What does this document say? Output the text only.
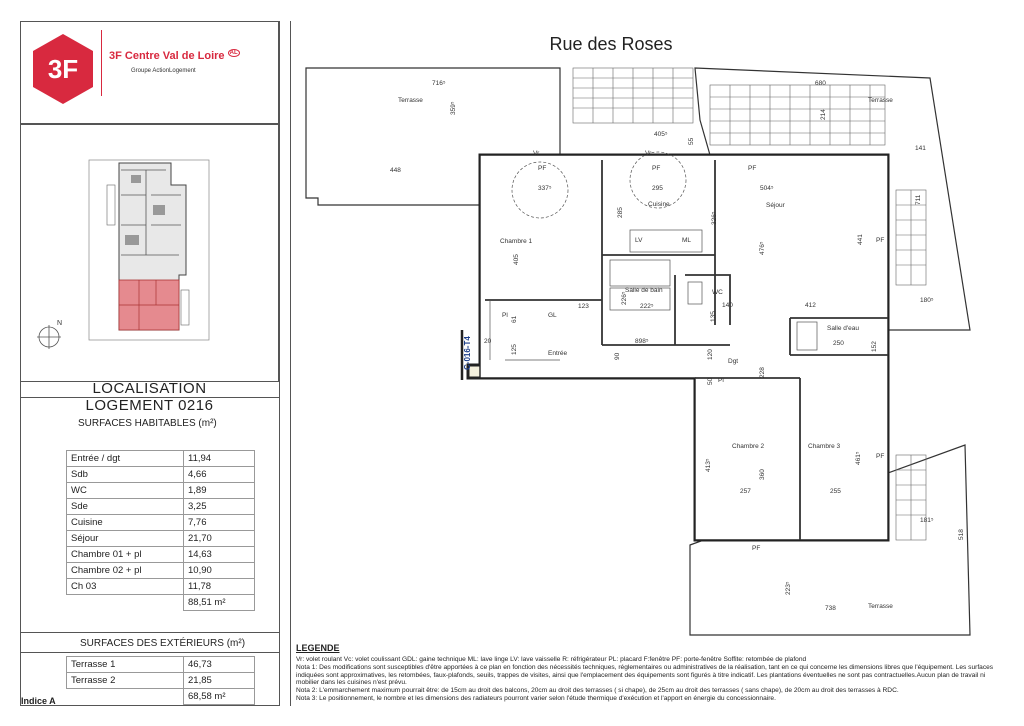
3F	3F Centre Val de Loire $^{AL}$
Groupe ActionLogement
N
LOCALISATION
LOGEMENT 0216
SURFACES HABITABLES (m²)
Entrée / dgt	11,94
Sdb	4,66
WC	1,89
Sde	3,25
Cuisine	7,76
Séjour	21,70
Chambre 01 + pl	14,63
Chambre 02 + pl	10,90
Ch 03	11,78
	88,51 m²
SURFACES DES EXTÉRIEURS (m²)
Terrasse 1	46,73
Terrasse 2	21,85
	68,58 m²
Indice A
Rue des Roses
Terrasse	Terrasse
Terrasse
Chambre 1
Cuisine	Séjour
Salle de bain	WC
Salle d'eau
Entrée
Dgt
Chambre 2	Chambre 3
Pl
Pl
PF	PF	PF
PF
PF
PF
Vr	Vr
LV	ML
GL
C-016-T4
716⁵	680
359⁵	214
405⁵
55
141
448
337⁵	295	504⁵
285	326⁵
711
405
476⁵
441
180⁵
226⁵
222⁵
123	140	412
61	135
250
20
125
898⁵	152
90	120
228
50
413⁵
360
461⁵
257	255
181⁵
518
223⁵
738
LEGENDE
Vr: volet roulant Vc: volet coulissant GDL: gaine technique ML: lave linge LV: lave vaisselle R: réfrigérateur PL: placard F:fenêtre PF: porte-fenêtre Soffite: retombée de plafond
Nota 1: Des modifications sont susceptibles d'être apportées à ce plan en fonction des nécessités techniques, réglementaires ou administratives de la réalisation, tant en ce qui concerne les dimensions libres que l'équipement. Les surfaces indiquées sont approximatives, les retombées, faux-plafonds, seuils, trappes de visites, ainsi que l'emplacement des équipements sont figurés à titre indicatif. Les plantations éventuelles ne sont pas contractuelles.Aucun plan de travail ni mobilier dans les cuisines n'est prévu.
Nota 2: L'emmarchement maximum pourrait être: de 15cm au droit des balcons, 20cm au droit des terrasses ( si chape), de 25cm au droit des terrasses ( sans chape), de 20cm au droit des terrasses à RDC.
Nota 3: Le positionnement, le nombre et les dimensions des radiateurs pourront varier selon l'étude thermique d'exécution et l'apport en énergie du concessionnaire.
